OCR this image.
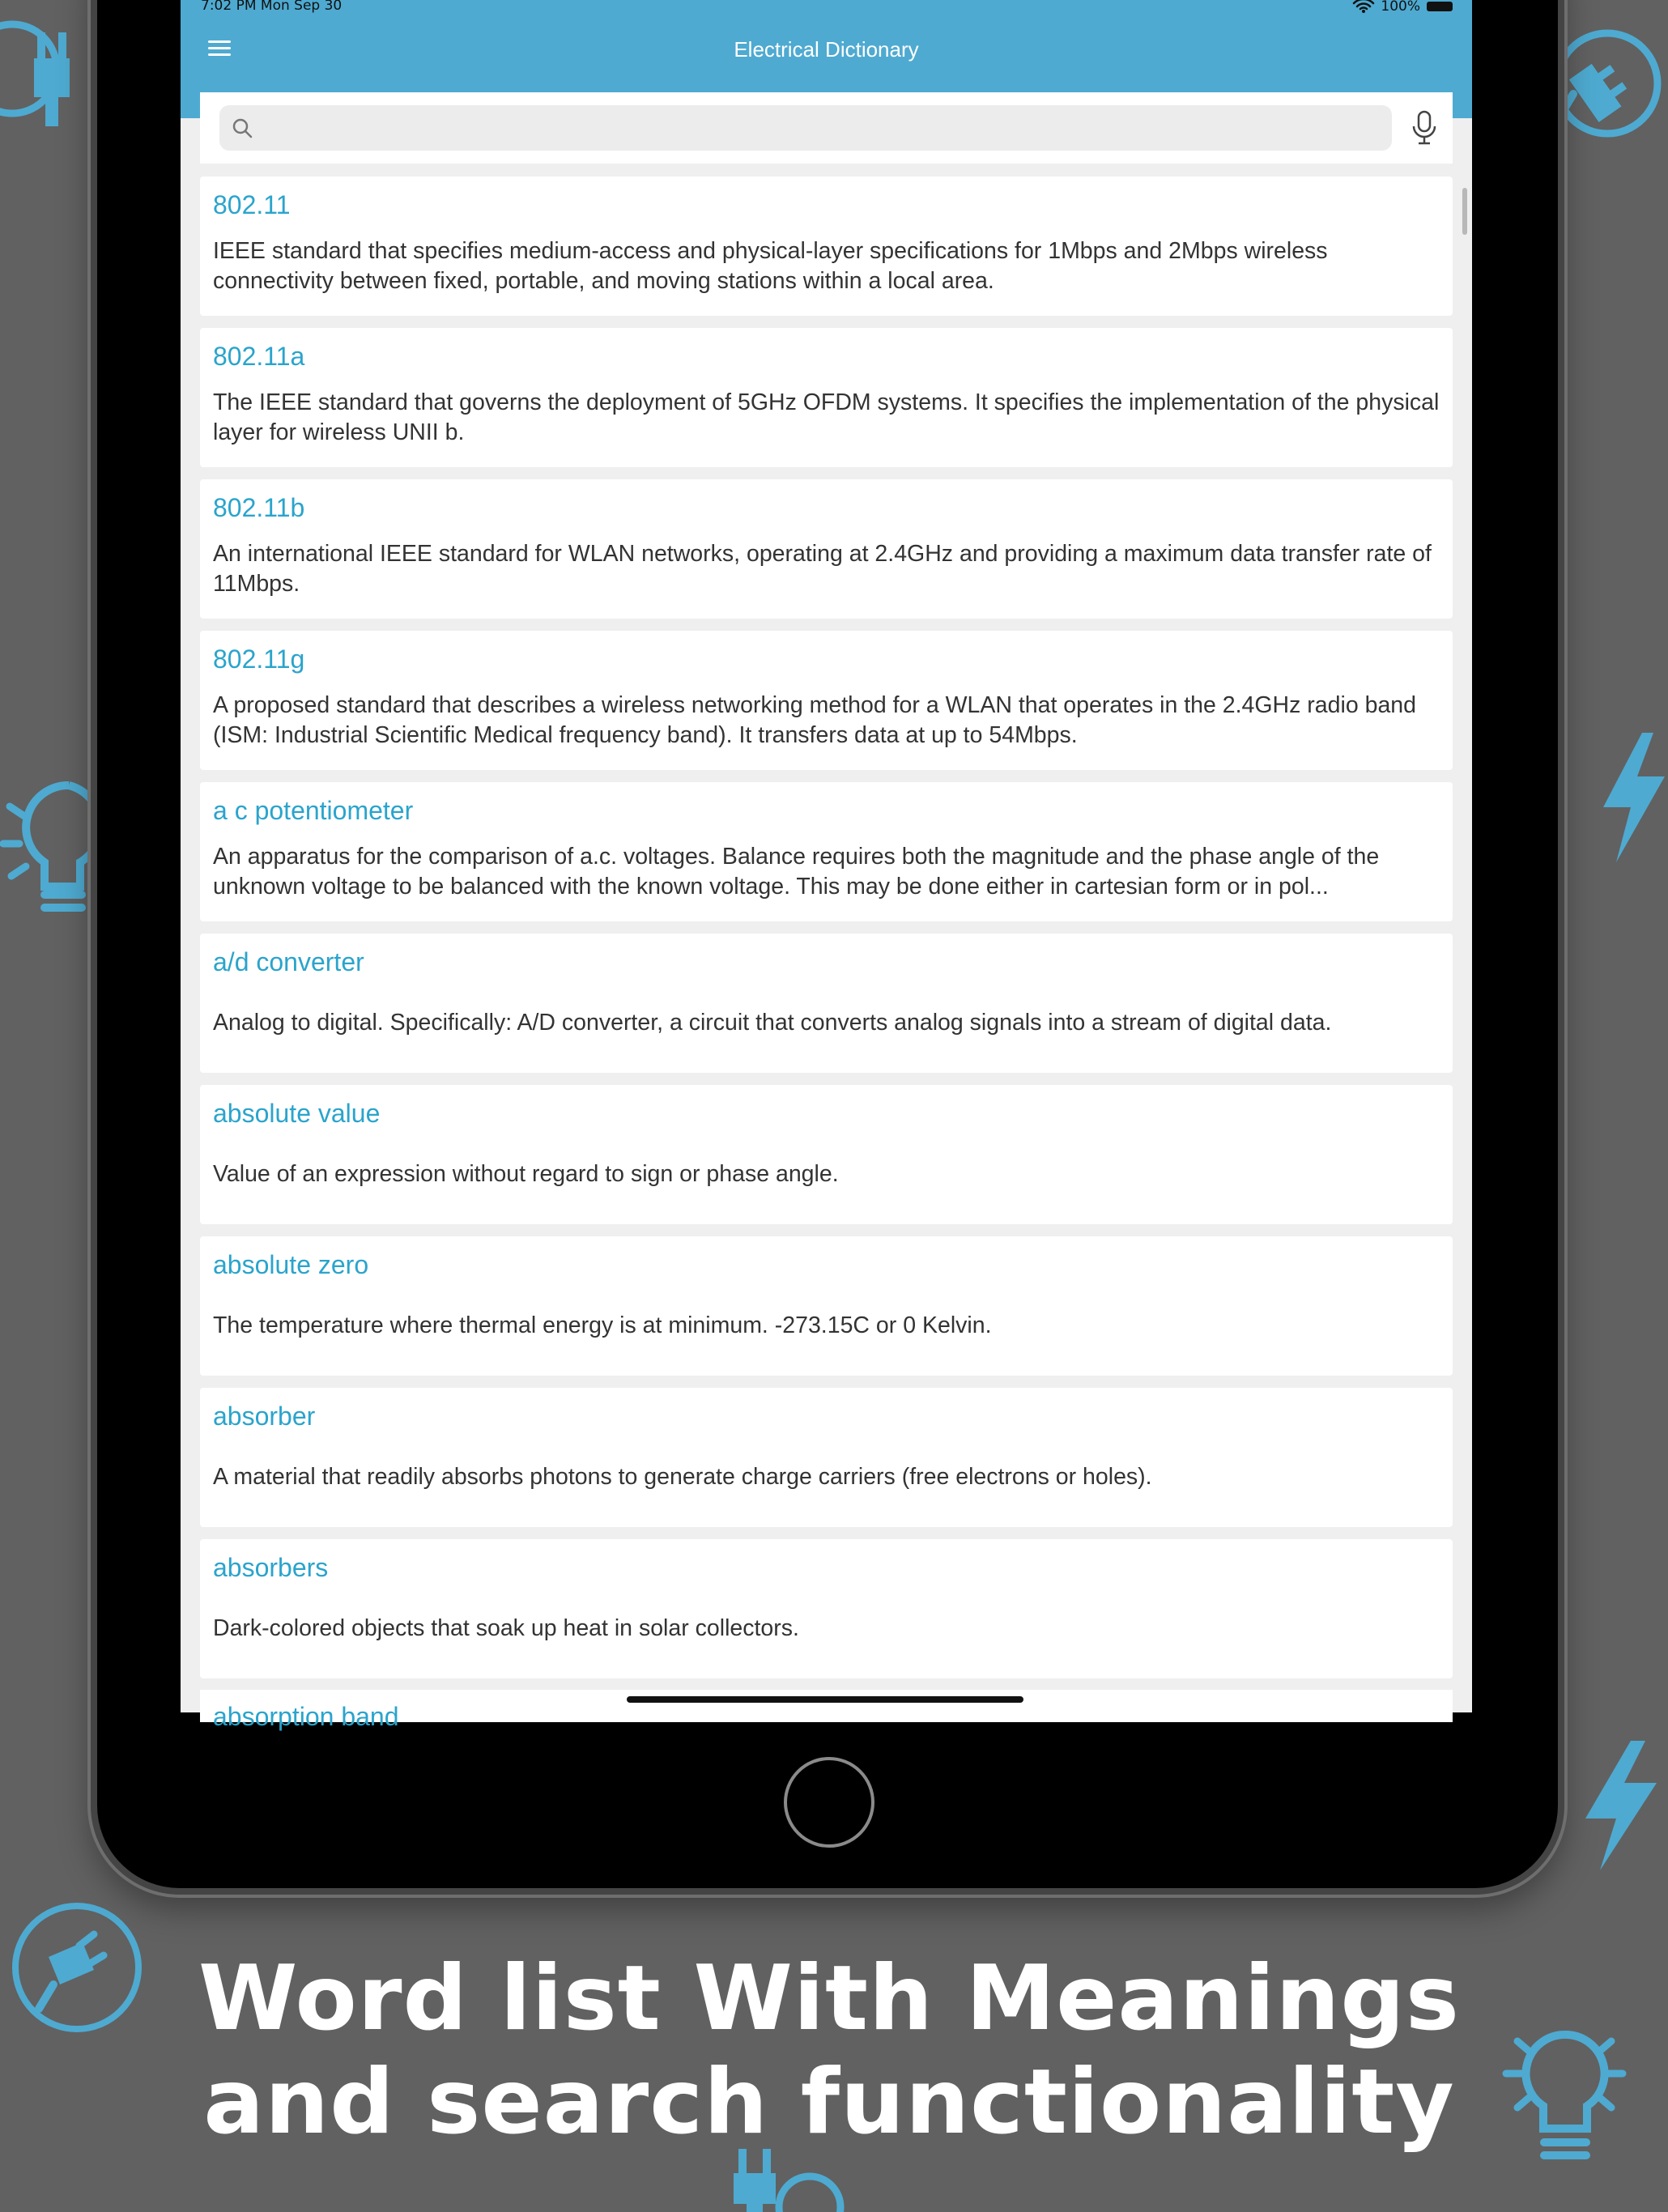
7:02 PM Mon Sep 30	100%
Electrical Dictionary
802.11
IEEE standard that specifies medium-access and physical-layer specifications for 1Mbps and 2Mbps wireless connectivity between fixed, portable, and moving stations within a local area.
802.11a
The IEEE standard that governs the deployment of 5GHz OFDM systems. It specifies the implementation of the physical layer for wireless UNII b.
802.11b
An international IEEE standard for WLAN networks, operating at 2.4GHz and providing a maximum data transfer rate of 11Mbps.
802.11g
A proposed standard that describes a wireless networking method for a WLAN that operates in the 2.4GHz radio band (ISM: Industrial Scientific Medical frequency band). It transfers data at up to 54Mbps.
a c potentiometer
An apparatus for the comparison of a.c. voltages. Balance requires both the magnitude and the phase angle of the unknown voltage to be balanced with the known voltage. This may be done either in cartesian form or in pol...
a/d converter
Analog to digital. Specifically: A/D converter, a circuit that converts analog signals into a stream of digital data.
absolute value
Value of an expression without regard to sign or phase angle.
absolute zero
The temperature where thermal energy is at minimum. -273.15C or 0 Kelvin.
absorber
A material that readily absorbs photons to generate charge carriers (free electrons or holes).
absorbers
Dark-colored objects that soak up heat in solar collectors.
absorption band
Word list With Meanings
and search functionality
